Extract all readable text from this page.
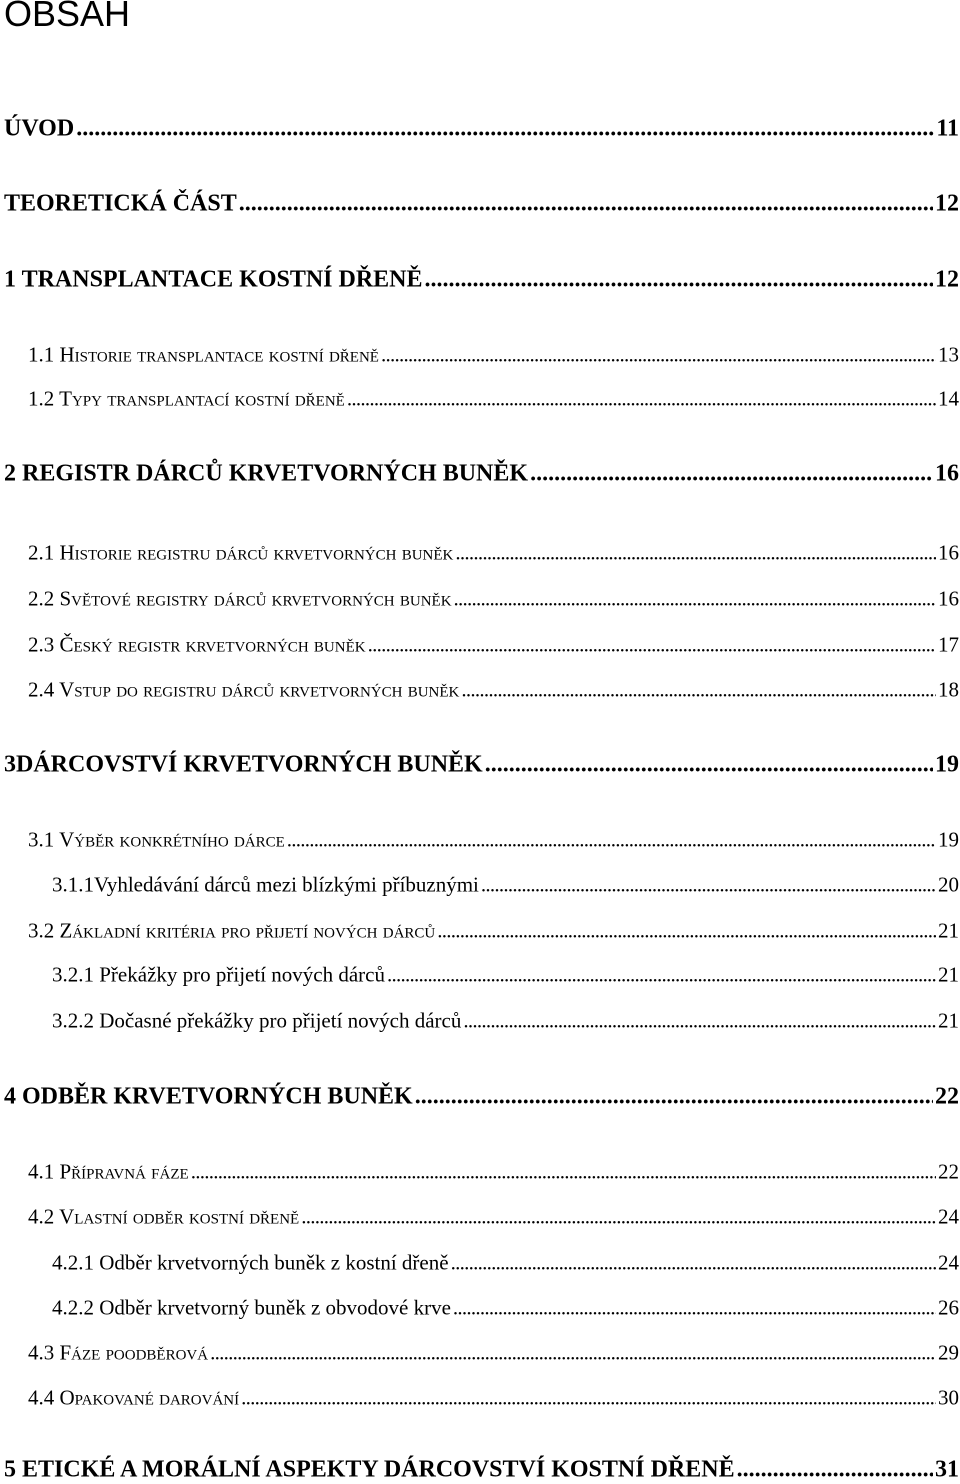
OBSAH
ÚVOD . . .	11
TEORETICKÁ ČÁST . . .	12
1 TRANSPLANTACE KOSTNÍ DŘENĚ . . .	12
1.1 Historie transplantace kostní dřeně . . .	13
1.2 Typy transplantací kostní dřeně . . .	14
2 REGISTR DÁRCŮ KRVETVORNÝCH BUNĚK . . .	16
2.1 Historie registru dárců krvetvorných buněk . . .	16
2.2 Světové registry dárců krvetvorných buněk . . .	16
2.3 Český registr krvetvorných buněk . . .	17
2.4 Vstup do registru dárců krvetvorných buněk . . .	18
3DÁRCOVSTVÍ KRVETVORNÝCH BUNĚK . . .	19
3.1 Výběr konkrétního dárce . . .	19
3.1.1Vyhledávání dárců mezi blízkými příbuznými . . .	20
3.2 Základní kritéria pro přijetí nových dárců . . .	21
3.2.1 Překážky pro přijetí nových dárců . . .	21
3.2.2 Dočasné překážky pro přijetí nových dárců . . .	21
4 ODBĚR KRVETVORNÝCH BUNĚK . . .	22
4.1 Přípravná fáze . . .	22
4.2 Vlastní odběr kostní dřeně . . .	24
4.2.1 Odběr krvetvorných buněk z kostní dřeně . . .	24
4.2.2 Odběr krvetvorný buněk z obvodové krve . . .	26
4.3 Fáze poodběrová . . .	29
4.4 Opakované darování . . .	30
5 ETICKÉ A MORÁLNÍ ASPEKTY DÁRCOVSTVÍ KOSTNÍ DŘENĚ . . .	31
